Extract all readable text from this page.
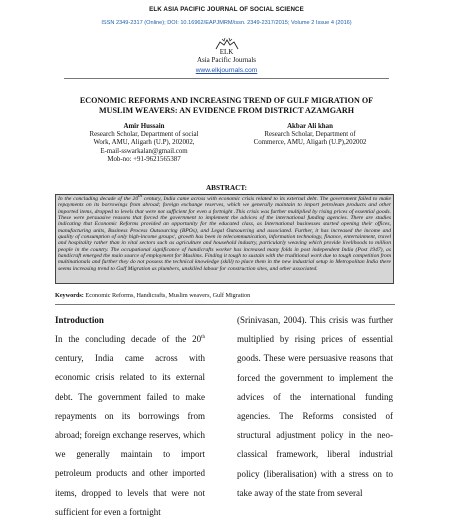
ELK ASIA PACIFIC JOURNAL OF SOCIAL SCIENCE
ISSN 2349-2317 (Online); DOI: 10.16962/EAPJMRM/issn. 2349-2317/2015; Volume 2 Issue 4 (2016)
ELK
Asia Pacific Journals
www.elkjournals.com
ECONOMIC REFORMS AND INCREASING TREND OF GULF MIGRATION OF
MUSLIM WEAVERS: AN EVIDENCE FROM DISTRICT AZAMGARH
Amir Hussain
Research Scholar, Department of social
Work, AMU, Aligarh (U.P), 202002,
E-mail-sswarkalan@gmail.com
Mob-no: +91-9621565387
Akbar Ali khan
Research Scholar, Department of
Commerce, AMU, Aligarh (U.P),202002
ABSTRACT:

In the concluding decade of the 20th century, India came across with economic crisis related to its external debt. The government failed to make repayments on its borrowings from abroad; foreign exchange reserves, which we generally maintain to import petroleum products and other imported items, dropped to levels that were not sufficient for even a fortnight .This crisis was further multiplied by rising prices of essential goods. These were persuasive reasons that forced the government to implement the advices of the international funding agencies. There are studies indicating that Economic Reforms provided an opportunity for the educated class, as International businesses started opening their offices, manufacturing units, Business Process Outsourcing (BPOs), and Legal Outsourcing and associated. Further, it has increased the income and quality of consumption of only high-income groups', growth has been in telecommunication, information technology, finance, entertainment, travel and hospitality rather than in vital sectors such as agriculture and household industry, particularly weaving which provide livelihoods to million people in the country. The occupational significance of handicrafts worker has increased many folds in post independent India (Post 1947), as handicraft emerged the main source of employment for Muslims. Finding it tough to sustain with the traditional work due to tough competition from multinationals and further they do not possess the technical knowledge (skill) to place them in the new industrial setup in Metropolitan India there seems increasing trend to Gulf Migration as plumbers, unskilled labour for construction sites, and other associated.

Keywords: Economic Reforms, Handicrafts, Muslim weavers, Gulf Migration
Introduction

In the concluding decade of the 20th century, India came across with economic crisis related to its external debt. The government failed to make repayments on its borrowings from abroad; foreign exchange reserves, which we generally maintain to import petroleum products and other imported items, dropped to levels that were not sufficient for even a fortnight

(Srinivasan, 2004). This crisis was further multiplied by rising prices of essential goods. These were persuasive reasons that forced the government to implement the advices of the international funding agencies. The Reforms consisted of structural adjustment policy in the neo-classical framework, liberal industrial policy (liberalisation) with a stress on to take away of the state from several
